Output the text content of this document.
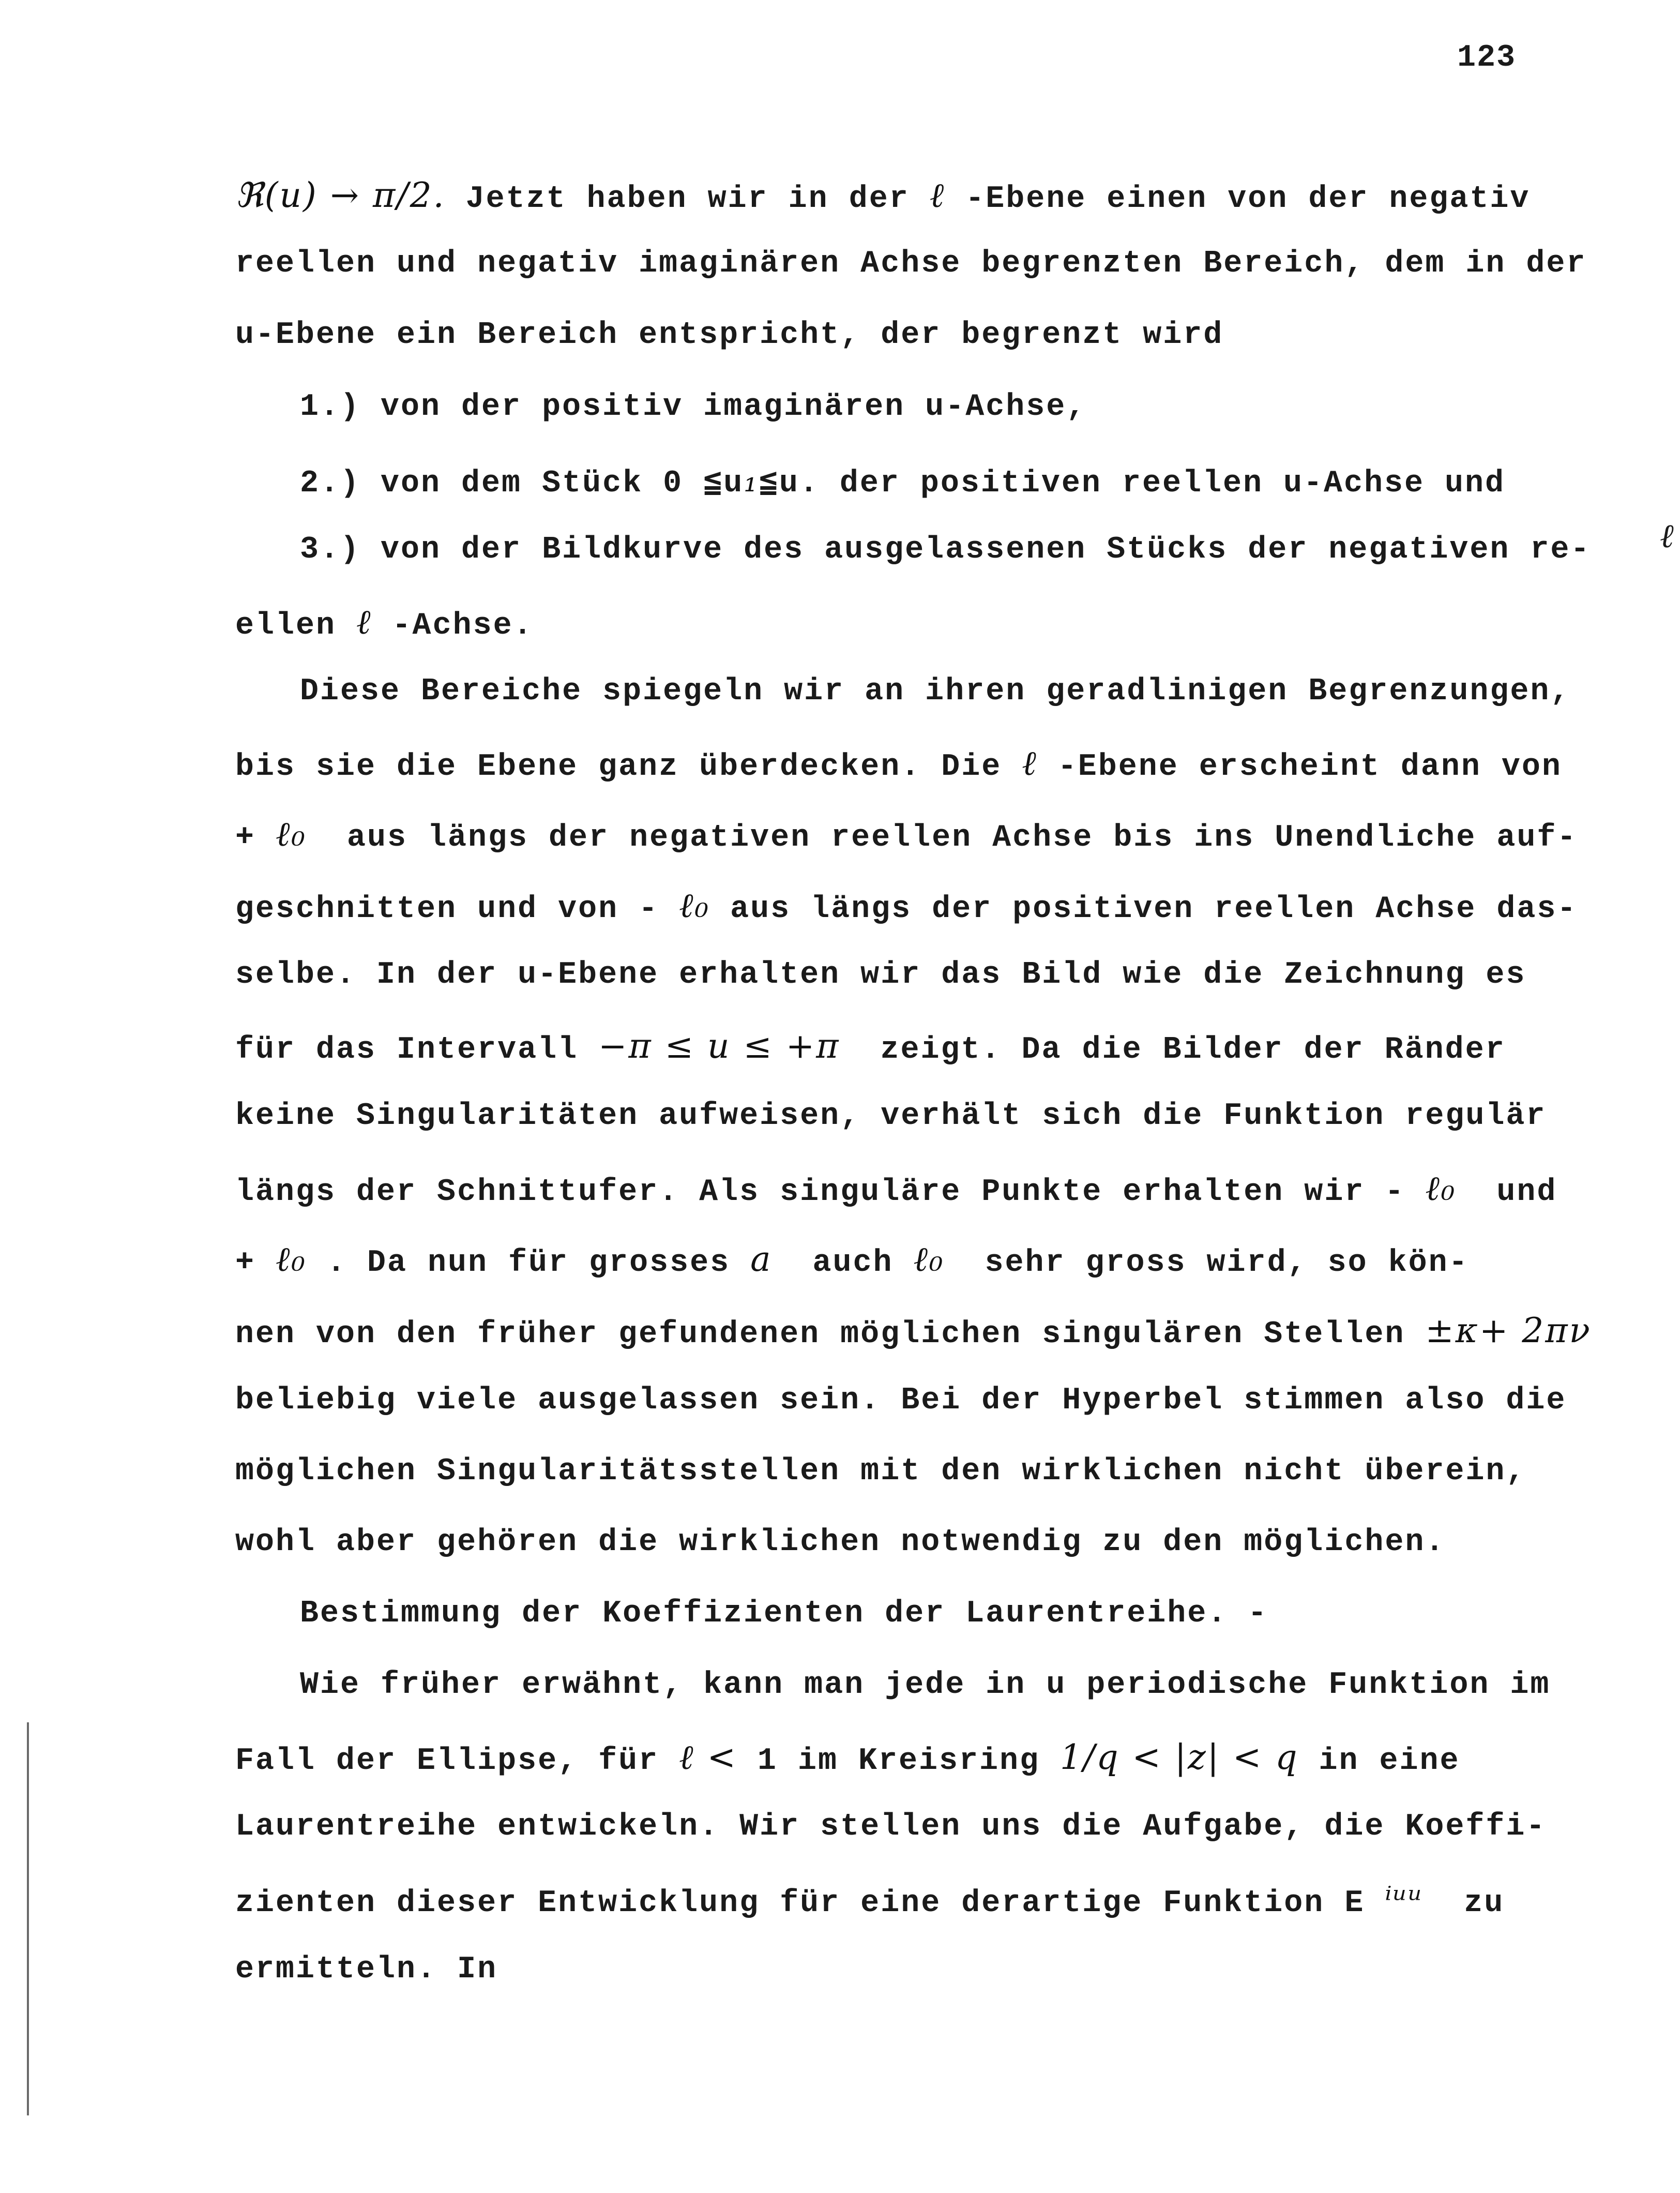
123
ℓ
ℜ(u) → π/2. Jetzt haben wir in der ℓ -Ebene einen von der negativ
reellen und negativ imaginären Achse begrenzten Bereich, dem in der
u-Ebene ein Bereich entspricht, der begrenzt wird
1.) von der positiv imaginären u-Achse,
2.) von dem Stück 0 ≦u₁≦u. der positiven reellen u-Achse und
3.) von der Bildkurve des ausgelassenen Stücks der negativen re-
ellen ℓ -Achse.
Diese Bereiche spiegeln wir an ihren geradlinigen Begrenzungen,
bis sie die Ebene ganz überdecken. Die ℓ -Ebene erscheint dann von
+ ℓ₀  aus längs der negativen reellen Achse bis ins Unendliche auf-
geschnitten und von - ℓ₀ aus längs der positiven reellen Achse das-
selbe. In der u-Ebene erhalten wir das Bild wie die Zeichnung es
für das Intervall −π ≤ u ≤ +π  zeigt. Da die Bilder der Ränder
keine Singularitäten aufweisen, verhält sich die Funktion regulär
längs der Schnittufer. Als singuläre Punkte erhalten wir - ℓ₀  und
+ ℓ₀ . Da nun für grosses a  auch ℓ₀  sehr gross wird, so kön-
nen von den früher gefundenen möglichen singulären Stellen ±κ+ 2πν
beliebig viele ausgelassen sein. Bei der Hyperbel stimmen also die
möglichen Singularitätsstellen mit den wirklichen nicht überein,
wohl aber gehören die wirklichen notwendig zu den möglichen.
Bestimmung der Koeffizienten der Laurentreihe. -
Wie früher erwähnt, kann man jede in u periodische Funktion im
Fall der Ellipse, für ℓ < 1 im Kreisring 1/q < |z| < q in eine
Laurentreihe entwickeln. Wir stellen uns die Aufgabe, die Koeffi-
zienten dieser Entwicklung für eine derartige Funktion E ⁱᵘᵘ  zu
ermitteln. In
